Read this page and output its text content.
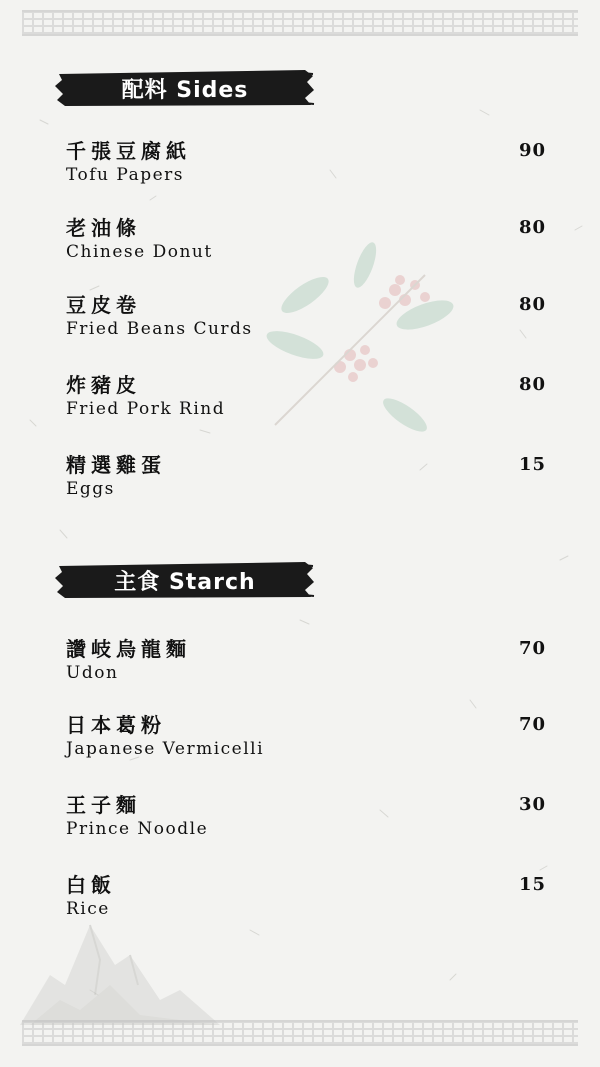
配料 Sides
千張豆腐紙
Tofu Papers
90
老油條
Chinese Donut
80
豆皮卷
Fried Beans Curds
80
炸豬皮
Fried Pork Rind
80
精選雞蛋
Eggs
15
主食 Starch
讚岐烏龍麵
Udon
70
日本葛粉
Japanese Vermicelli
70
王子麵
Prince Noodle
30
白飯
Rice
15
